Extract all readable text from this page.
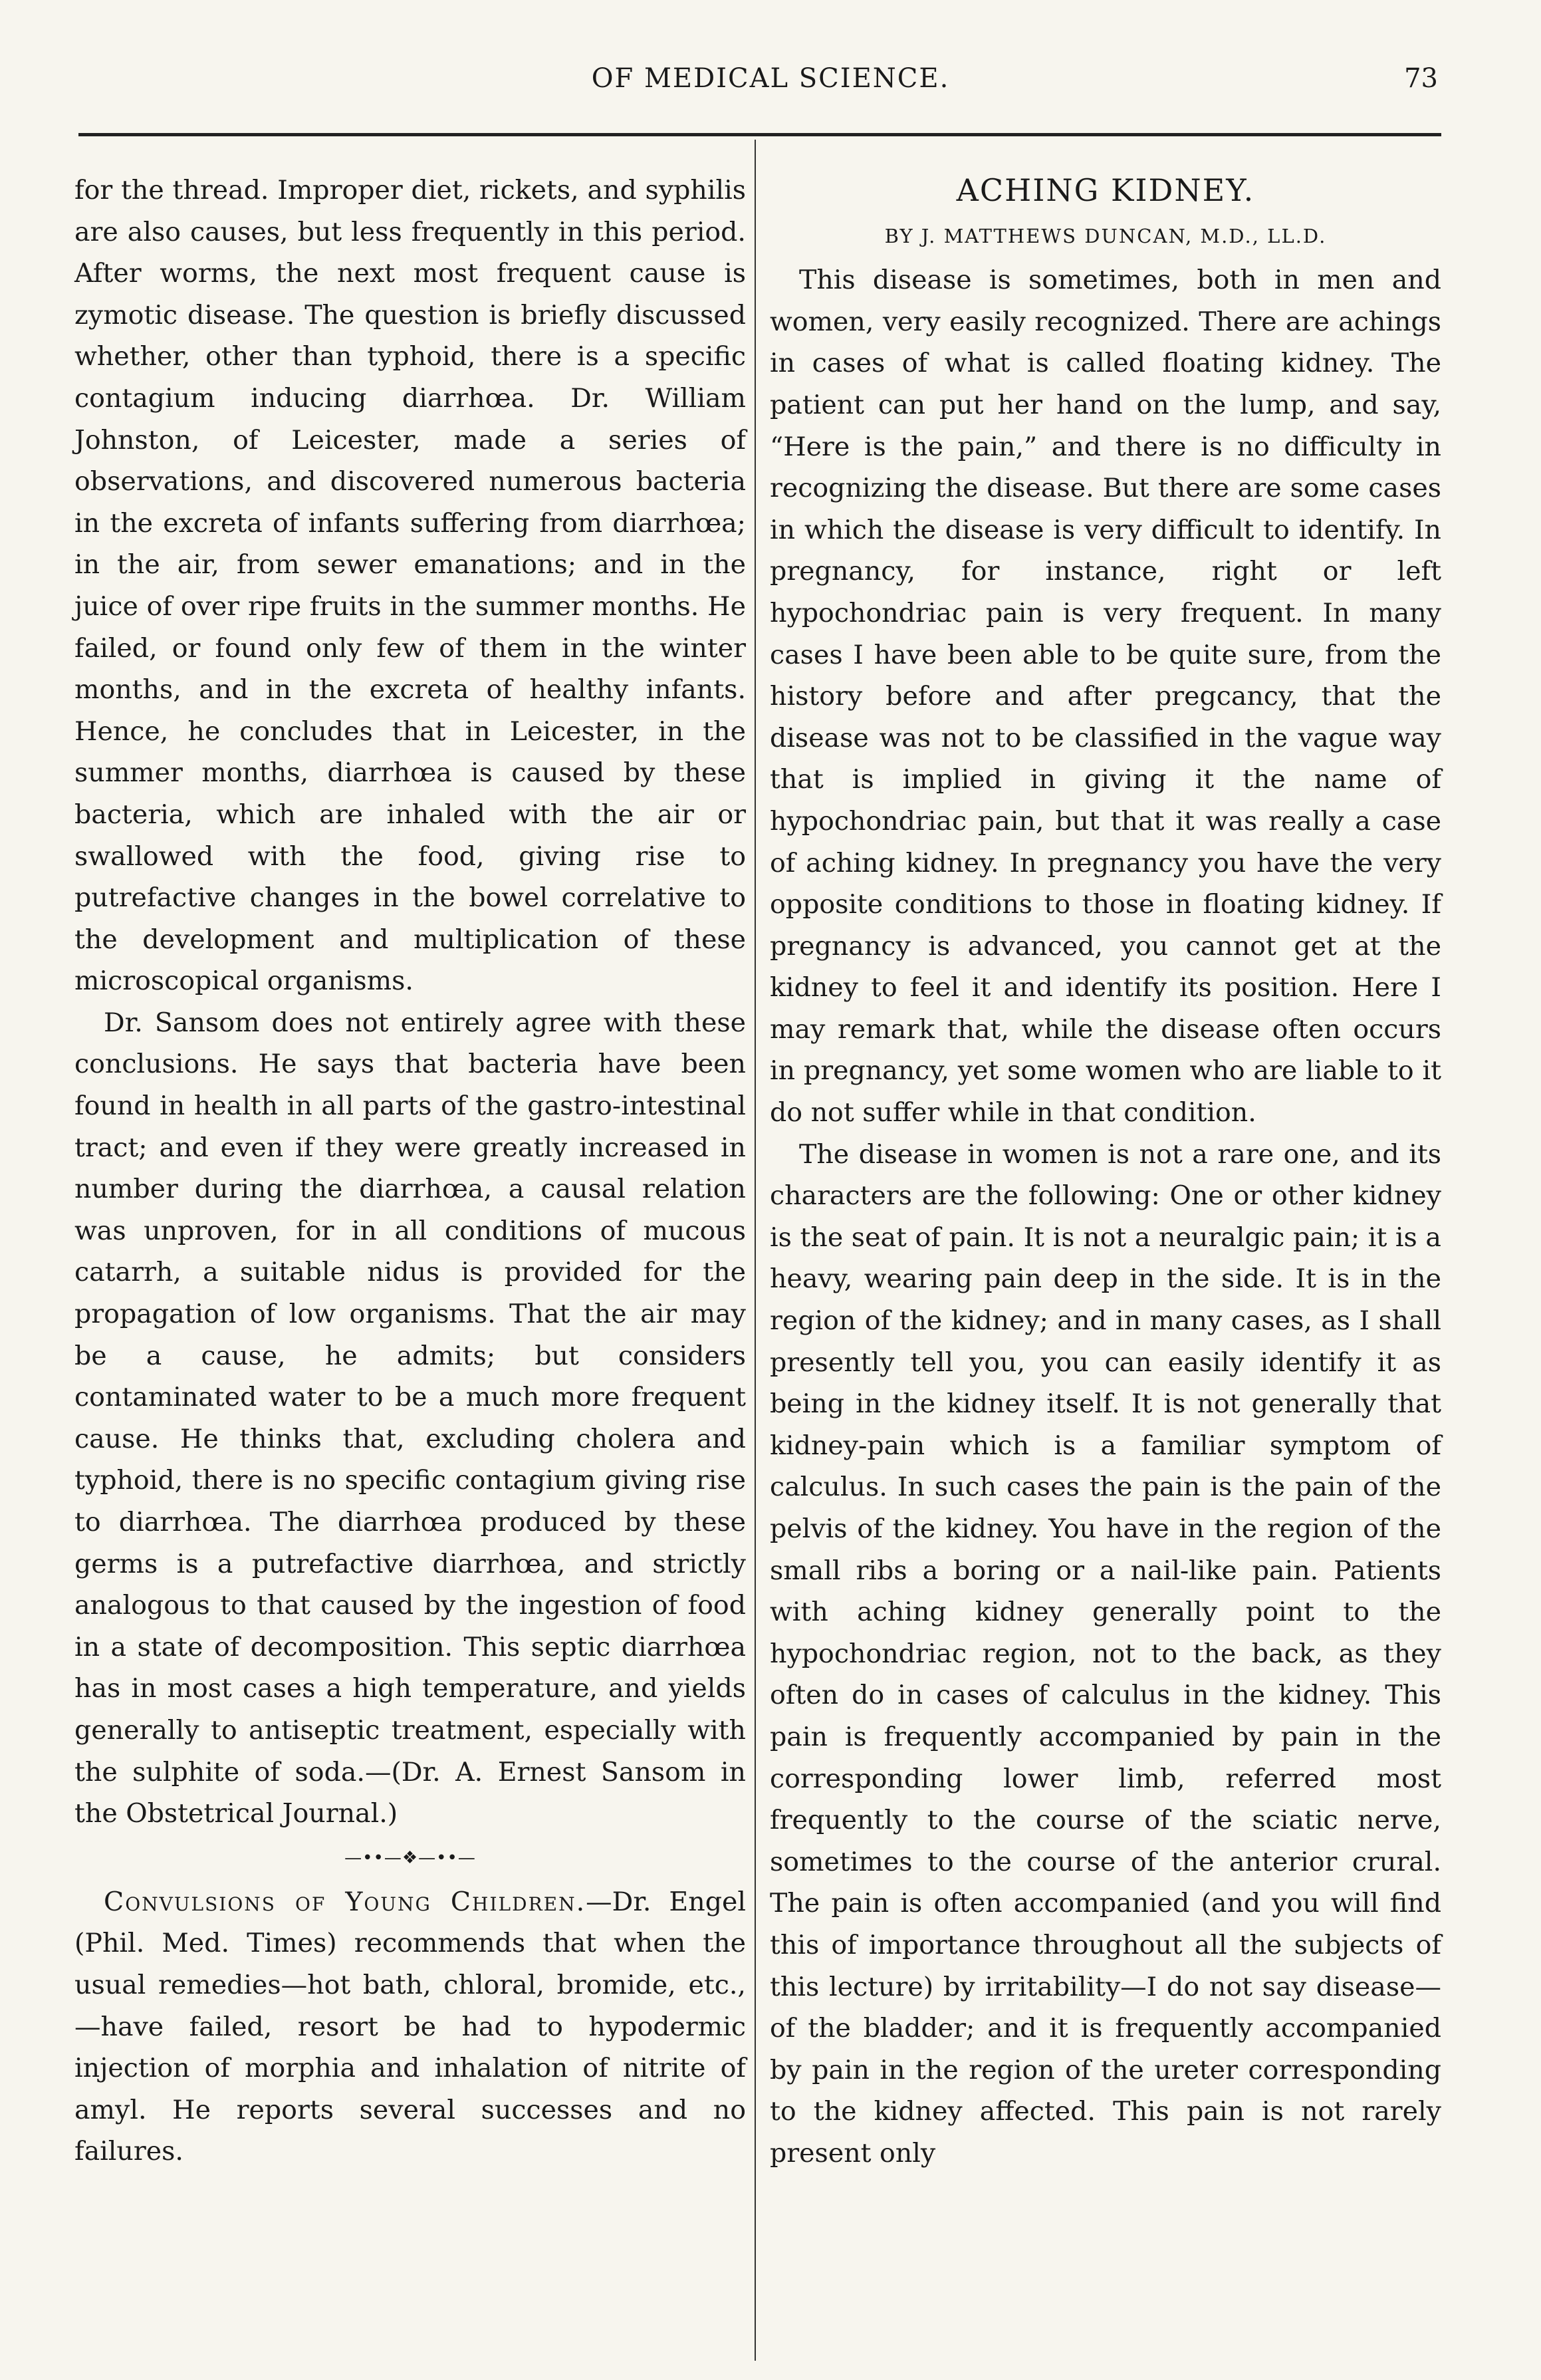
OF MEDICAL SCIENCE.	73

for the thread. Improper diet, rickets, and syphilis are also causes, but less frequently in this period. After worms, the next most frequent cause is zymotic disease. The question is briefly discussed whether, other than typhoid, there is a specific contagium inducing diarrhœa. Dr. William Johnston, of Leicester, made a series of observations, and discovered numerous bacteria in the excreta of infants suffering from diarrhœa; in the air, from sewer emanations; and in the juice of over ripe fruits in the summer months. He failed, or found only few of them in the winter months, and in the excreta of healthy infants. Hence, he concludes that in Leicester, in the summer months, diarrhœa is caused by these bacteria, which are inhaled with the air or swallowed with the food, giving rise to putrefactive changes in the bowel correlative to the development and multiplication of these microscopical organisms.

Dr. Sansom does not entirely agree with these conclusions. He says that bacteria have been found in health in all parts of the gastro-intestinal tract; and even if they were greatly increased in number during the diarrhœa, a causal relation was unproven, for in all conditions of mucous catarrh, a suitable nidus is provided for the propagation of low organisms. That the air may be a cause, he admits; but considers contaminated water to be a much more frequent cause. He thinks that, excluding cholera and typhoid, there is no specific contagium giving rise to diarrhœa. The diarrhœa produced by these germs is a putrefactive diarrhœa, and strictly analogous to that caused by the ingestion of food in a state of decomposition. This septic diarrhœa has in most cases a high temperature, and yields generally to antiseptic treatment, especially with the sulphite of soda.—(Dr. A. Ernest Sansom in the Obstetrical Journal.)

—••—❖—••—

Convulsions of Young Children.—Dr. Engel (Phil. Med. Times) recommends that when the usual remedies—hot bath, chloral, bromide, etc.,—have failed, resort be had to hypodermic injection of morphia and inhalation of nitrite of amyl. He reports several successes and no failures.

ACHING KIDNEY.
BY J. MATTHEWS DUNCAN, M.D., LL.D.

This disease is sometimes, both in men and women, very easily recognized. There are achings in cases of what is called floating kidney. The patient can put her hand on the lump, and say, “Here is the pain,” and there is no difficulty in recognizing the disease. But there are some cases in which the disease is very difficult to identify. In pregnancy, for instance, right or left hypochondriac pain is very frequent. In many cases I have been able to be quite sure, from the history before and after pregcancy, that the disease was not to be classified in the vague way that is implied in giving it the name of hypochondriac pain, but that it was really a case of aching kidney. In pregnancy you have the very opposite conditions to those in floating kidney. If pregnancy is advanced, you cannot get at the kidney to feel it and identify its position. Here I may remark that, while the disease often occurs in pregnancy, yet some women who are liable to it do not suffer while in that condition.

The disease in women is not a rare one, and its characters are the following: One or other kidney is the seat of pain. It is not a neuralgic pain; it is a heavy, wearing pain deep in the side. It is in the region of the kidney; and in many cases, as I shall presently tell you, you can easily identify it as being in the kidney itself. It is not generally that kidney-pain which is a familiar symptom of calculus. In such cases the pain is the pain of the pelvis of the kidney. You have in the region of the small ribs a boring or a nail-like pain. Patients with aching kidney generally point to the hypochondriac region, not to the back, as they often do in cases of calculus in the kidney. This pain is frequently accompanied by pain in the corresponding lower limb, referred most frequently to the course of the sciatic nerve, sometimes to the course of the anterior crural. The pain is often accompanied (and you will find this of importance throughout all the subjects of this lecture) by irritability—I do not say disease—of the bladder; and it is frequently accompanied by pain in the region of the ureter corresponding to the kidney affected. This pain is not rarely present only
